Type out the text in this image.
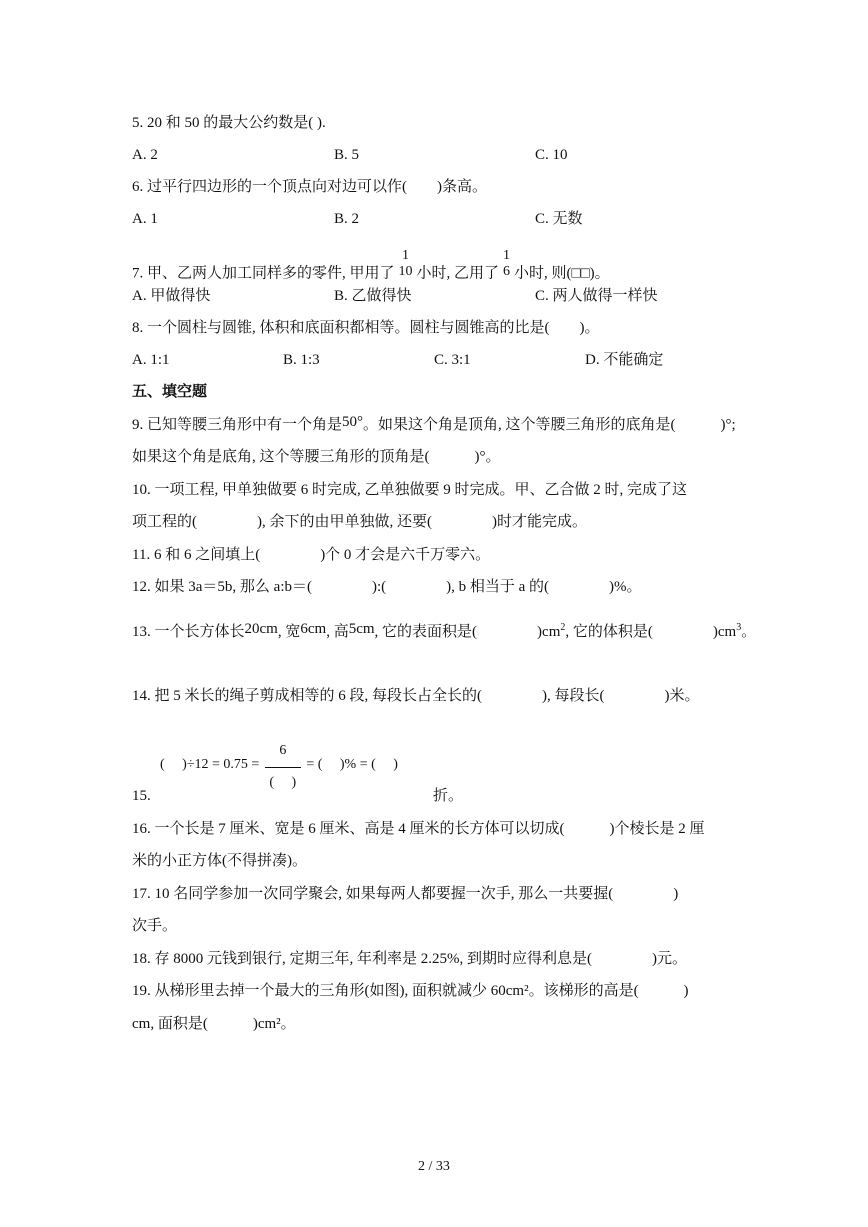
5. 20 和 50 的最大公约数是( ).
A. 2	B. 5	C. 10
6. 过平行四边形的一个顶点向对边可以作(　　)条高。
A. 1	B. 2	C. 无数
7. 甲、乙两人加工同样多的零件, 甲用了
1
10 小时, 乙用了
1
6 小时, 则(□□)。
A. 甲做得快	B. 乙做得快	C. 两人做得一样快
8. 一个圆柱与圆锥, 体积和底面积都相等。圆柱与圆锥高的比是(　　)。
A. 1:1	B. 1:3	C. 3:1	D. 不能确定
五、填空题
9. 已知等腰三角形中有一个角是50°。如果这个角是顶角, 这个等腰三角形的底角是(　　　)°;
如果这个角是底角, 这个等腰三角形的顶角是(　　　)°。
10. 一项工程, 甲单独做要 6 时完成, 乙单独做要 9 时完成。甲、乙合做 2 时, 完成了这
项工程的(　　　　), 余下的由甲单独做, 还要(　　　　)时才能完成。
11. 6 和 6 之间填上(　　　　)个 0 才会是六千万零六。
12. 如果 3a＝5b, 那么 a:b＝(　　　　):(　　　　), b 相当于 a 的(　　　　)%。
13. 一个长方体长20cm, 宽6cm, 高5cm, 它的表面积是(　　　　)$cm^2$, 它的体积是(　　　　)$cm^3$。
14. 把 5 米长的绳子剪成相等的 6 段, 每段长占全长的(　　　　), 每段长(　　　　)米。
(　 )÷12 = 0.75 =
6
(　 )

= (　 )% = (　 )
15.	折。
16. 一个长是 7 厘米、宽是 6 厘米、高是 4 厘米的长方体可以切成(　　　)个棱长是 2 厘
米的小正方体(不得拼凑)。
17. 10 名同学参加一次同学聚会, 如果每两人都要握一次手, 那么一共要握(　　　　)
次手。
18. 存 8000 元钱到银行, 定期三年, 年利率是 2.25%, 到期时应得利息是(　　　　)元。
19. 从梯形里去掉一个最大的三角形(如图), 面积就减少 60cm²。该梯形的高是(　　　)
cm, 面积是(　　　)cm²。
2 / 33
